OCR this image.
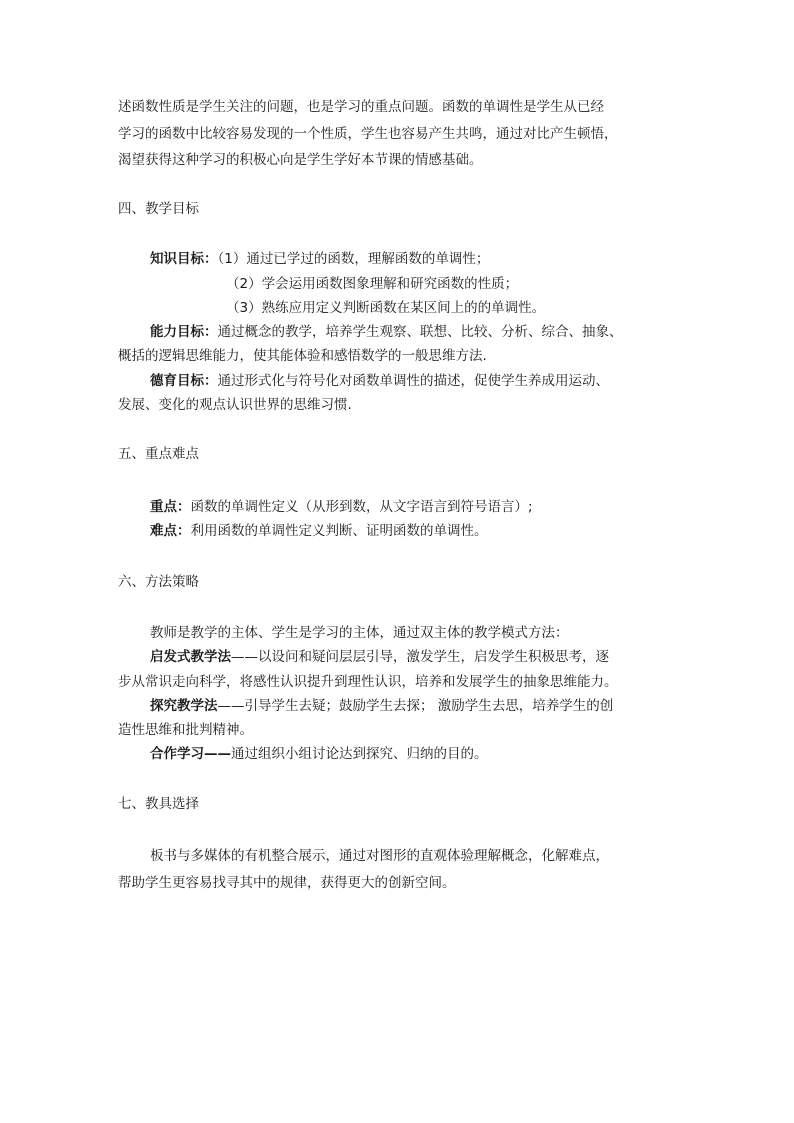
述函数性质是学生关注的问题，也是学习的重点问题。函数的单调性是学生从已经
学习的函数中比较容易发现的一个性质，学生也容易产生共鸣，通过对比产生顿悟，
渴望获得这种学习的积极心向是学生学好本节课的情感基础。
四、教学目标
知识目标：（1）通过已学过的函数，理解函数的单调性；
（2）学会运用函数图象理解和研究函数的性质；
（3）熟练应用定义判断函数在某区间上的的单调性。
能力目标：通过概念的教学，培养学生观察、联想、比较、分析、综合、抽象、
概括的逻辑思维能力，使其能体验和感悟数学的一般思维方法.
德育目标：通过形式化与符号化对函数单调性的描述，促使学生养成用运动、
发展、变化的观点认识世界的思维习惯.
五、重点难点
重点：函数的单调性定义（从形到数，从文字语言到符号语言）;
难点：利用函数的单调性定义判断、证明函数的单调性。
六、方法策略
教师是教学的主体、学生是学习的主体，通过双主体的教学模式方法：
启发式教学法——以设问和疑问层层引导，激发学生，启发学生积极思考，逐
步从常识走向科学，将感性认识提升到理性认识，培养和发展学生的抽象思维能力。
探究教学法——引导学生去疑；鼓励学生去探； 激励学生去思，培养学生的创
造性思维和批判精神。
合作学习——通过组织小组讨论达到探究、归纳的目的。
七、教具选择
板书与多媒体的有机整合展示，通过对图形的直观体验理解概念，化解难点，
帮助学生更容易找寻其中的规律，获得更大的创新空间。
